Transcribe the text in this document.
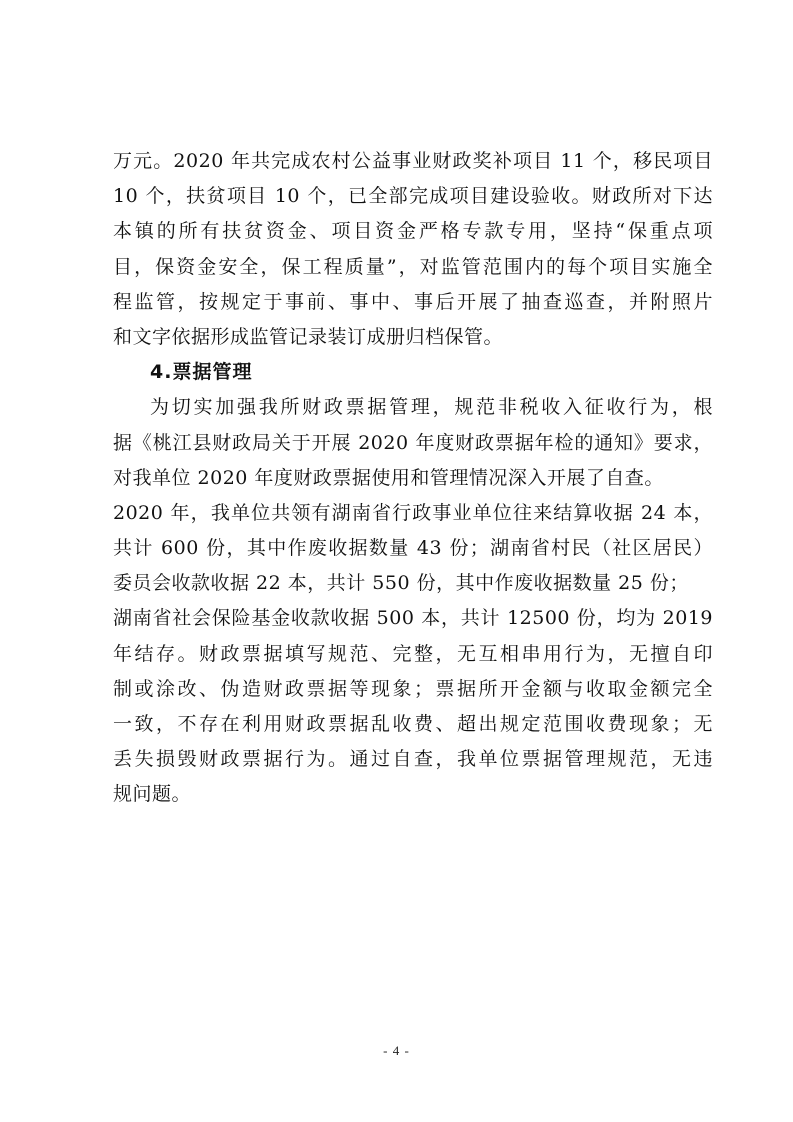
万元。2020 年共完成农村公益事业财政奖补项目 11 个，移民项目
10 个，扶贫项目 10 个，已全部完成项目建设验收。财政所对下达
本镇的所有扶贫资金、项目资金严格专款专用，坚持“保重点项
目，保资金安全，保工程质量”，对监管范围内的每个项目实施全
程监管，按规定于事前、事中、事后开展了抽查巡查，并附照片
和文字依据形成监管记录装订成册归档保管。
4.票据管理
为切实加强我所财政票据管理，规范非税收入征收行为，根
据《桃江县财政局关于开展 2020 年度财政票据年检的通知》要求，
对我单位 2020 年度财政票据使用和管理情况深入开展了自查。
2020 年，我单位共领有湖南省行政事业单位往来结算收据 24 本，
共计 600 份，其中作废收据数量 43 份；湖南省村民（社区居民）
委员会收款收据 22 本，共计 550 份，其中作废收据数量 25 份；
湖南省社会保险基金收款收据 500 本，共计 12500 份，均为 2019
年结存。财政票据填写规范、完整，无互相串用行为，无擅自印
制或涂改、伪造财政票据等现象；票据所开金额与收取金额完全
一致，不存在利用财政票据乱收费、超出规定范围收费现象；无
丢失损毁财政票据行为。通过自查，我单位票据管理规范，无违
规问题。
- 4 -
